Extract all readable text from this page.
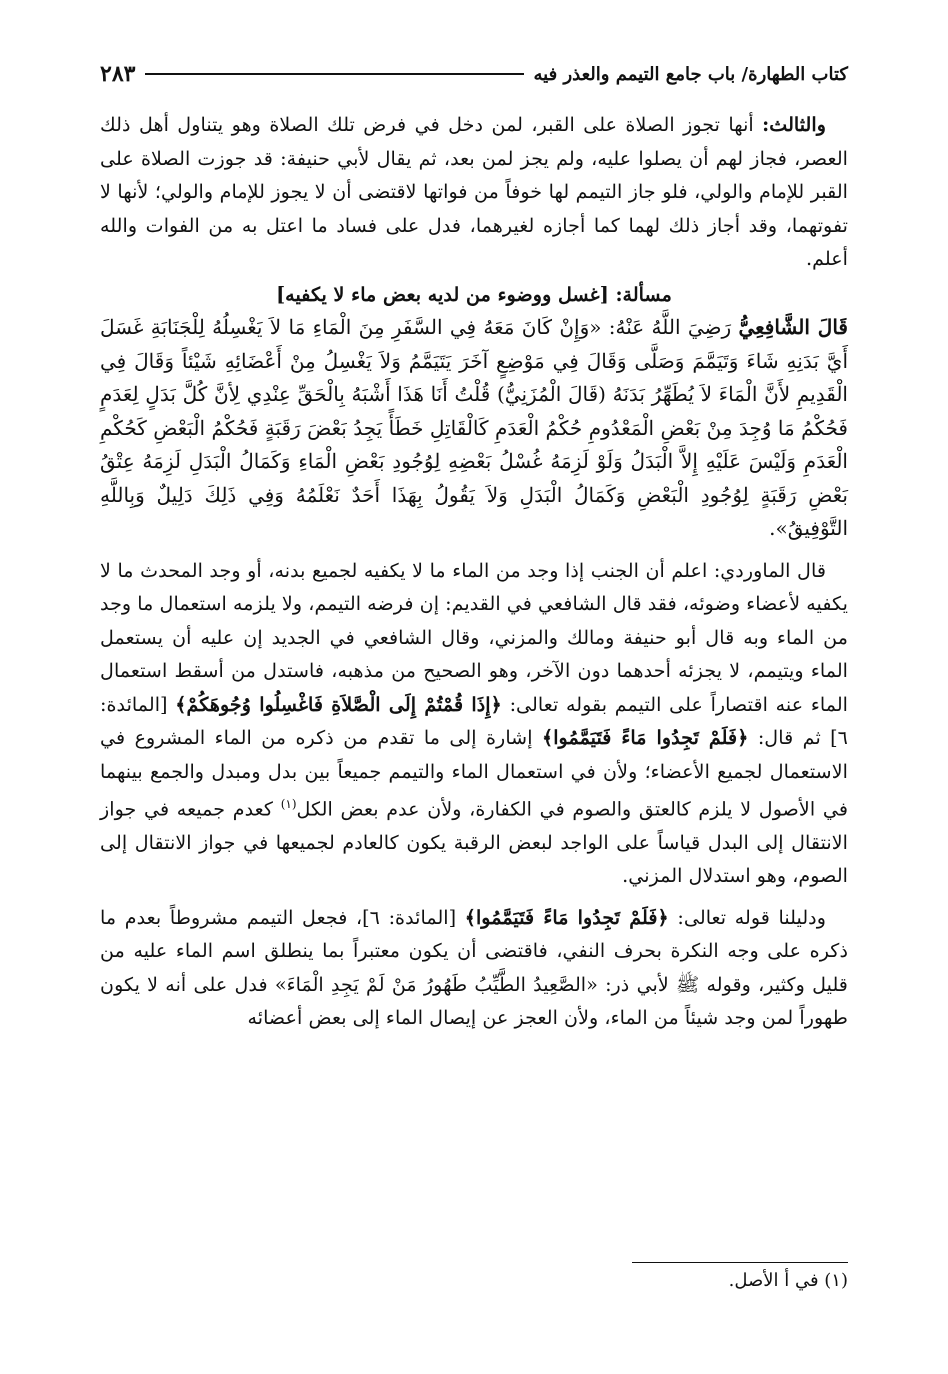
كتاب الطهارة/ باب جامع التيمم والعذر فيه
٢٨٣

والثالث: أنها تجوز الصلاة على القبر، لمن دخل في فرض تلك الصلاة وهو يتناول أهل ذلك العصر، فجاز لهم أن يصلوا عليه، ولم يجز لمن بعد، ثم يقال لأبي حنيفة: قد جوزت الصلاة على القبر للإمام والولي، فلو جاز التيمم لها خوفاً من فواتها لاقتضى أن لا يجوز للإمام والولي؛ لأنها لا تفوتهما، وقد أجاز ذلك لهما كما أجازه لغيرهما، فدل على فساد ما اعتل به من الفوات والله أعلم.

مسألة: [غسل ووضوء من لديه بعض ماء لا يكفيه]

قَالَ الشَّافِعِيُّ رَضِيَ اللَّهُ عَنْهُ: «وَإِنْ كَانَ مَعَهُ فِي السَّفَرِ مِنَ الْمَاءِ مَا لاَ يَغْسِلُهُ لِلْجَنَابَةِ غَسَلَ أَيَّ بَدَنِهِ شَاءَ وَتَيَمَّمَ وَصَلَّى وَقَالَ فِي مَوْضِعٍ آخَرَ يَتَيَمَّمُ وَلاَ يَغْسِلُ مِنْ أَعْضَائِهِ شَيْئاً وَقَالَ فِي الْقَدِيمِ لأَنَّ الْمَاءَ لاَ يُطَهِّرُ بَدَنَهُ (قَالَ الْمُزَنِيُّ) قُلْتُ أَنَا هَذَا أَشْبَهُ بِالْحَقِّ عِنْدِي لِأنَّ كُلَّ بَدَلٍ لِعَدَمٍ فَحُكْمُ مَا وُجِدَ مِنْ بَعْضِ الْمَعْدُومِ حُكْمُ الْعَدَمِ كَالْقَاتِلِ خَطَأً يَجِدُ بَعْضَ رَقَبَةٍ فَحُكْمُ الْبَعْضِ كَحُكْمِ الْعَدَمِ وَلَيْسَ عَلَيْهِ إِلاَّ الْبَدَلُ وَلَوْ لَزِمَهُ غُسْلُ بَعْضِهِ لِوُجُودِ بَعْضِ الْمَاءِ وَكَمَالُ الْبَدَلِ لَزِمَهُ عِتْقُ بَعْضِ رَقَبَةٍ لِوُجُودِ الْبَعْضِ وَكَمَالُ الْبَدَلِ وَلاَ يَقُولُ بِهَذَا أَحَدٌ نَعْلَمُهُ وَفِي ذَلِكَ دَلِيلٌ وَبِاللَّهِ التَّوْفِيقُ».

قال الماوردي: اعلم أن الجنب إذا وجد من الماء ما لا يكفيه لجميع بدنه، أو وجد المحدث ما لا يكفيه لأعضاء وضوئه، فقد قال الشافعي في القديم: إن فرضه التيمم، ولا يلزمه استعمال ما وجد من الماء وبه قال أبو حنيفة ومالك والمزني، وقال الشافعي في الجديد إن عليه أن يستعمل الماء ويتيمم، لا يجزئه أحدهما دون الآخر، وهو الصحيح من مذهبه، فاستدل من أسقط استعمال الماء عنه اقتصاراً على التيمم بقوله تعالى: ﴿إِذَا قُمْتُمْ إِلَى الْصَّلاَةِ فَاغْسِلُوا وُجُوهَكُمْ﴾ [المائدة: ٦] ثم قال: ﴿فَلَمْ تَجِدُوا مَاءً فَتَيَمَّمُوا﴾ إشارة إلى ما تقدم من ذكره من الماء المشروع في الاستعمال لجميع الأعضاء؛ ولأن في استعمال الماء والتيمم جميعاً بين بدل ومبدل والجمع بينهما في الأصول لا يلزم كالعتق والصوم في الكفارة، ولأن عدم بعض الكل$^{(١)}$ كعدم جميعه في جواز الانتقال إلى البدل قياساً على الواجد لبعض الرقبة يكون كالعادم لجميعها في جواز الانتقال إلى الصوم، وهو استدلال المزني.

ودليلنا قوله تعالى: ﴿فَلَمْ تَجِدُوا مَاءً فَتَيَمَّمُوا﴾ [المائدة: ٦]، فجعل التيمم مشروطاً بعدم ما ذكره على وجه النكرة بحرف النفي، فاقتضى أن يكون معتبراً بما ينطلق اسم الماء عليه من قليل وكثير، وقوله ﷺ لأبي ذر: «الصَّعِيدُ الطَّيِّبُ طَهُورُ مَنْ لَمْ يَجِدِ الْمَاءَ» فدل على أنه لا يكون طهوراً لمن وجد شيئاً من الماء، ولأن العجز عن إيصال الماء إلى بعض أعضائه

(١) في أ الأصل.
